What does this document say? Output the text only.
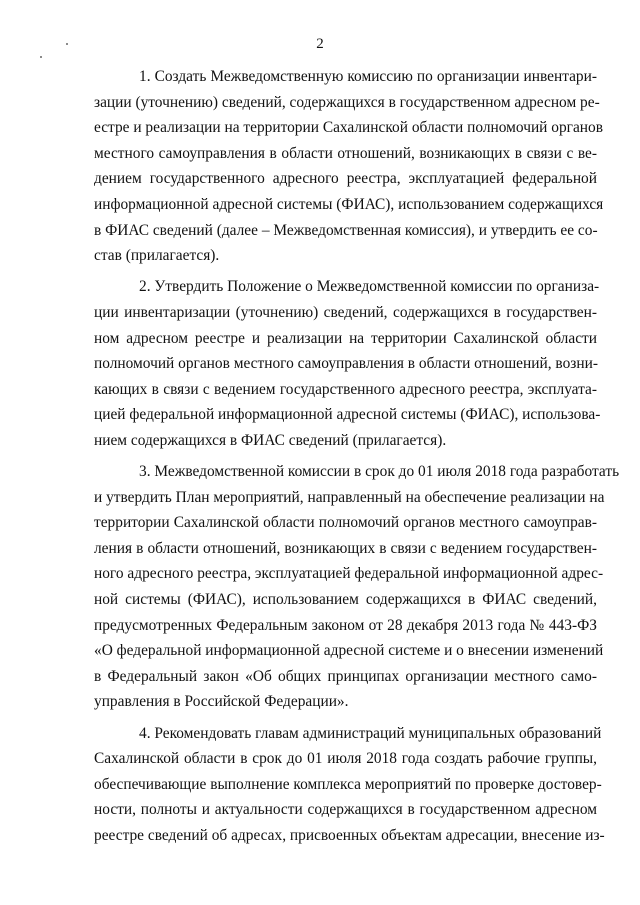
2
1. Создать Межведомственную комиссию по организации инвентари-
зации (уточнению) сведений, содержащихся в государственном адресном ре-
естре и реализации на территории Сахалинской области полномочий органов
местного самоуправления в области отношений, возникающих в связи с ве-
дением государственного адресного реестра, эксплуатацией федеральной
информационной адресной системы (ФИАС), использованием содержащихся
в ФИАС сведений (далее – Межведомственная комиссия), и утвердить ее со-
став (прилагается).
2. Утвердить Положение о Межведомственной комиссии по организа-
ции инвентаризации (уточнению) сведений, содержащихся в государствен-
ном адресном реестре и реализации на территории Сахалинской области
полномочий органов местного самоуправления в области отношений, возни-
кающих в связи с ведением государственного адресного реестра, эксплуата-
цией федеральной информационной адресной системы (ФИАС), использова-
нием содержащихся в ФИАС сведений (прилагается).
3. Межведомственной комиссии в срок до 01 июля 2018 года разработать
и утвердить План мероприятий, направленный на обеспечение реализации на
территории Сахалинской области полномочий органов местного самоуправ-
ления в области отношений, возникающих в связи с ведением государствен-
ного адресного реестра, эксплуатацией федеральной информационной адрес-
ной системы (ФИАС), использованием содержащихся в ФИАС сведений,
предусмотренных Федеральным законом от 28 декабря 2013 года № 443-ФЗ
«О федеральной информационной адресной системе и о внесении изменений
в Федеральный закон «Об общих принципах организации местного само-
управления в Российской Федерации».
4. Рекомендовать главам администраций муниципальных образований
Сахалинской области в срок до 01 июля 2018 года создать рабочие группы,
обеспечивающие выполнение комплекса мероприятий по проверке достовер-
ности, полноты и актуальности содержащихся в государственном адресном
реестре сведений об адресах, присвоенных объектам адресации, внесение из-
